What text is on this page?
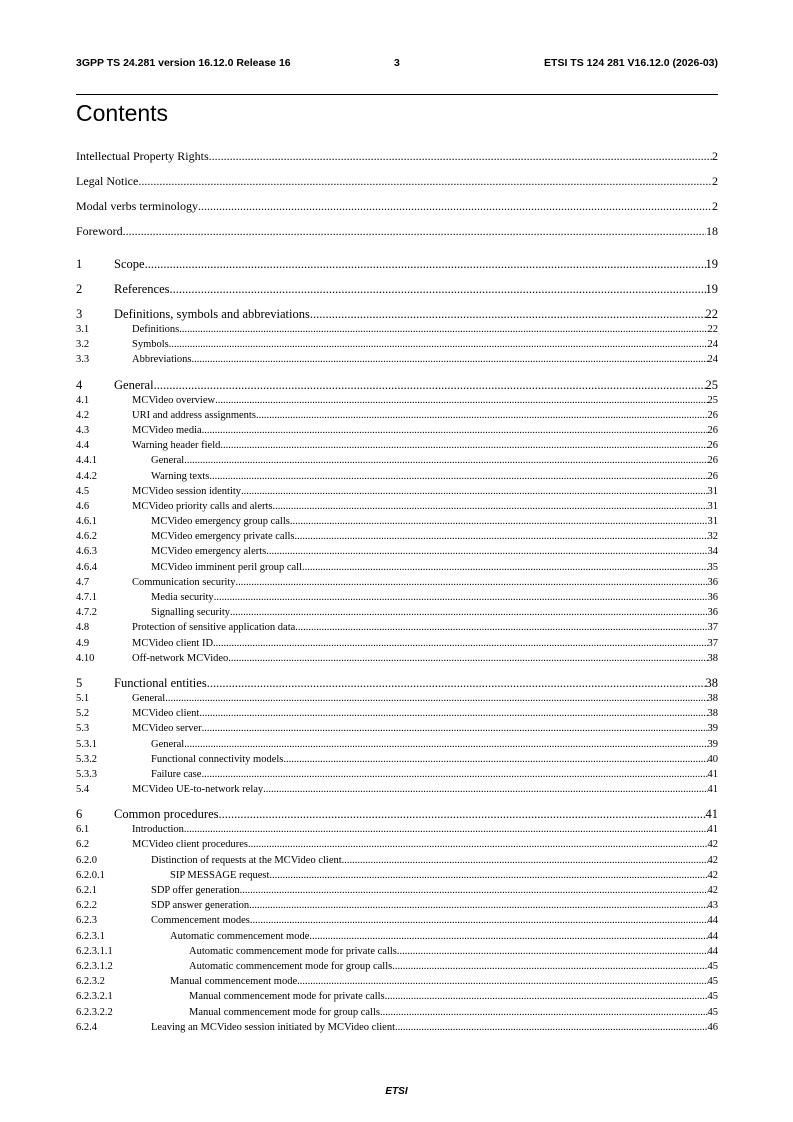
3GPP TS 24.281 version 16.12.0 Release 16	3	ETSI TS 124 281 V16.12.0 (2026-03)
Contents
Intellectual Property Rights .....	2
Legal Notice .....	2
Modal verbs terminology .....	2
Foreword .....	18
1	Scope .....	19
2	References .....	19
3	Definitions, symbols and abbreviations .....	22
3.1	Definitions .....	22
3.2	Symbols .....	24
3.3	Abbreviations .....	24
4	General .....	25
4.1	MCVideo overview .....	25
4.2	URI and address assignments .....	26
4.3	MCVideo media .....	26
4.4	Warning header field .....	26
4.4.1	General .....	26
4.4.2	Warning texts .....	26
4.5	MCVideo session identity .....	31
4.6	MCVideo priority calls and alerts .....	31
4.6.1	MCVideo emergency group calls .....	31
4.6.2	MCVideo emergency private calls .....	32
4.6.3	MCVideo emergency alerts .....	34
4.6.4	MCVideo imminent peril group call .....	35
4.7	Communication security .....	36
4.7.1	Media security .....	36
4.7.2	Signalling security .....	36
4.8	Protection of sensitive application data. .....	37
4.9	MCVideo client ID .....	37
4.10	Off-network MCVideo .....	38
5	Functional entities .....	38
5.1	General .....	38
5.2	MCVideo client .....	38
5.3	MCVideo server .....	39
5.3.1	General .....	39
5.3.2	Functional connectivity models .....	40
5.3.3	Failure case .....	41
5.4	MCVideo UE-to-network relay .....	41
6	Common procedures .....	41
6.1	Introduction .....	41
6.2	MCVideo client procedures .....	42
6.2.0	Distinction of requests at the MCVideo client .....	42
6.2.0.1	SIP MESSAGE request .....	42
6.2.1	SDP offer generation .....	42
6.2.2	SDP answer generation .....	43
6.2.3	Commencement modes .....	44
6.2.3.1	Automatic commencement mode .....	44
6.2.3.1.1	Automatic commencement mode for private calls .....	44
6.2.3.1.2	Automatic commencement mode for group calls .....	45
6.2.3.2	Manual commencement mode .....	45
6.2.3.2.1	Manual commencement mode for private calls .....	45
6.2.3.2.2	Manual commencement mode for group calls .....	45
6.2.4	Leaving an MCVideo session initiated by MCVideo client .....	46
ETSI
